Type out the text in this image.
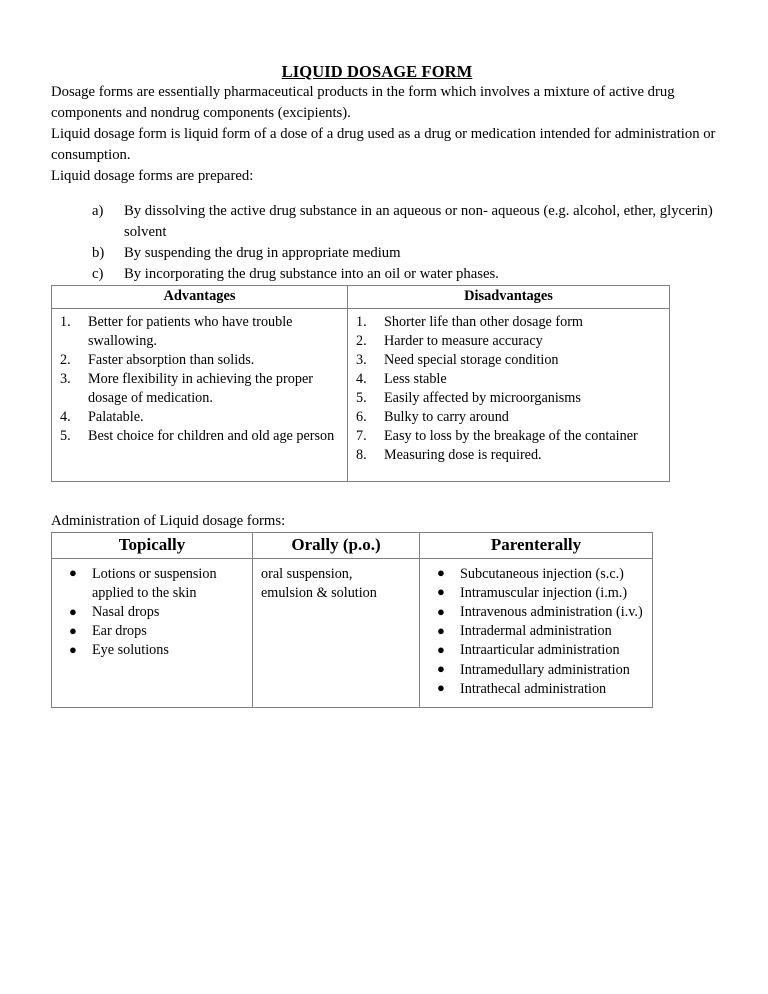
LIQUID DOSAGE FORM

Dosage forms are essentially pharmaceutical products in the form which involves a mixture of active drug components and nondrug components (excipients).

Liquid dosage form is liquid form of a dose of a drug used as a drug or medication intended for administration or consumption.

Liquid dosage forms are prepared:

a) By dissolving the active drug substance in an aqueous or non- aqueous (e.g. alcohol, ether, glycerin) solvent
b) By suspending the drug in appropriate medium
c) By incorporating the drug substance into an oil or water phases.
Advantages	Disadvantages

1. Better for patients who have trouble swallowing.
2. Faster absorption than solids.
3. More flexibility in achieving the proper dosage of medication.
4. Palatable.
5. Best choice for children and old age person

1. Shorter life than other dosage form
2. Harder to measure accuracy
3. Need special storage condition
4. Less stable
5. Easily affected by microorganisms
6. Bulky to carry around
7. Easy to loss by the breakage of the container
8. Measuring dose is required.

Administration of Liquid dosage forms:

Topically	Orally (p.o.)	Parenterally

● Lotions or suspension applied to the skin
● Nasal drops
● Ear drops
● Eye solutions

oral suspension,
emulsion & solution

● Subcutaneous injection (s.c.)
● Intramuscular injection (i.m.)
● Intravenous administration (i.v.)
● Intradermal administration
● Intraarticular administration
● Intramedullary administration
● Intrathecal administration
